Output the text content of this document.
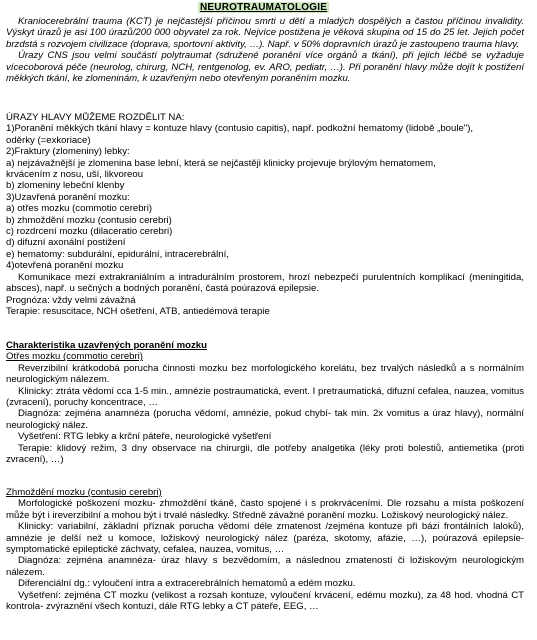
NEUROTRAUMATOLOGIE

Kraniocerebrální trauma (KCT) je nejčastější příčinou smrti u dětí a mladých dospělých a častou příčinou invalidity. Výskyt úrazů je asi 100 úrazů/200 000 obyvatel za rok. Nejvíce postižena je věková skupina od 15 do 25 let. Jejich počet brzdstá s rozvojem civilizace (doprava, sportovní aktivity, …). Např. v 50% dopravních úrazů je zastoupeno trauma hlavy.

Úrazy CNS jsou velmi součástí polytraumat (sdružené poranění více orgánů a tkání), při jejich léčbě se vyžaduje vícecoborová péče (neurolog, chirurg, NCH, rentgenolog, ev. ARO, pediatr, …). Při poranění hlavy může dojít k postižení měkkých tkání, ke zlomeninám, k uzavřeným nebo otevřeným poraněním mozku.

ÚRAZY HLAVY MŮŽEME ROZDĚLIT NA:

1)Poranění měkkých tkání hlavy = kontuze hlavy (contusio capitis), např. podkožní hematomy (lidobě „boule"),

oděrky (=exkoriace)

2)Fraktury (zlomeniny) lebky:

a) nejzávažnější je zlomenina base lební, která se nejčastěji klinicky projevuje brýlovým hematomem,

krvácením z nosu, uší, likvoreou

b) zlomeniny lebeční klenby

3)Uzavřená poranění mozku:

a) otřes mozku (commotio cerebri)

b) zhmoždění mozku (contusio cerebri)

c) rozdrcení mozku (dilaceratio cerebri)

d) difuzní axonální postižení

e) hematomy: subdurální, epidurální, intracerebrální,

4)otevřená poranění mozku

Komunikace mezi extrakraniálním a intradurálním prostorem, hrozí nebezpečí purulentních komplikací (meningitida, absces), např. u sečných a bodných poranění, častá poúrazová epilepsie.

Prognóza: vždy velmi závažná

Terapie: resuscitace, NCH ošetření, ATB, antiedémová terapie

Charakteristika uzavřených poranění mozku

Otřes mozku (commotio cerebri)

Reverzibilní krátkodobá porucha činnosti mozku bez morfologického korelátu, bez trvalých následků a s normálním neurologickým nálezem.

Klinicky: ztráta vědomí cca 1-5 min., amnézie postraumatická, event. I pretraumatická, difuzní cefalea, nauzea, vomitus (zvracení), poruchy koncentrace, …

Diagnóza: zejména anamnéza (porucha vědomí, amnézie, pokud chybí- tak min. 2x vomitus a úraz hlavy), normální neurologický nález.

Vyšetření: RTG lebky a krční páteře, neurologické vyšetření

Terapie: klidový režim, 3 dny observace na chirurgii, dle potřeby analgetika (léky proti bolestiů, antiemetika (proti zvracení), …)

Zhmoždění mozku (contusio cerebri)

Morfologické poškození mozku- zhmoždění tkáně, často spojené i s prokrváceními. Dle rozsahu a místa poškození může být i ireverzibilní a mohou být i trvalé následky. Středně závažné poranění mozku. Ložiskový neurologický nález.

Klinicky: variabilní, základní příznak porucha vědomí déle zmatenost /zejména kontuze při bázi frontálních laloků), amnézie je delší než u komoce, ložiskový neurologický nález (paréza, skotomy, afázie, …), poúrazová epilepsie- symptomatické epileptické záchvaty, cefalea, nauzea, vomitus, …

Diagnóza: zejména anamnéza- úraz hlavy s bezvědomím, a následnou zmateností či ložiskovým neurologickým nálezem.

Diferenciální dg.: vyloučení intra a extracerebrálních hematomů a edém mozku.

Vyšetření: zejména CT mozku (velikost a rozsah kontuze, vyloučení krvácení, edému mozku), za 48 hod. vhodná CT kontrola- zvýraznění všech kontuzí, dále RTG lebky a CT páteře, EEG, …
